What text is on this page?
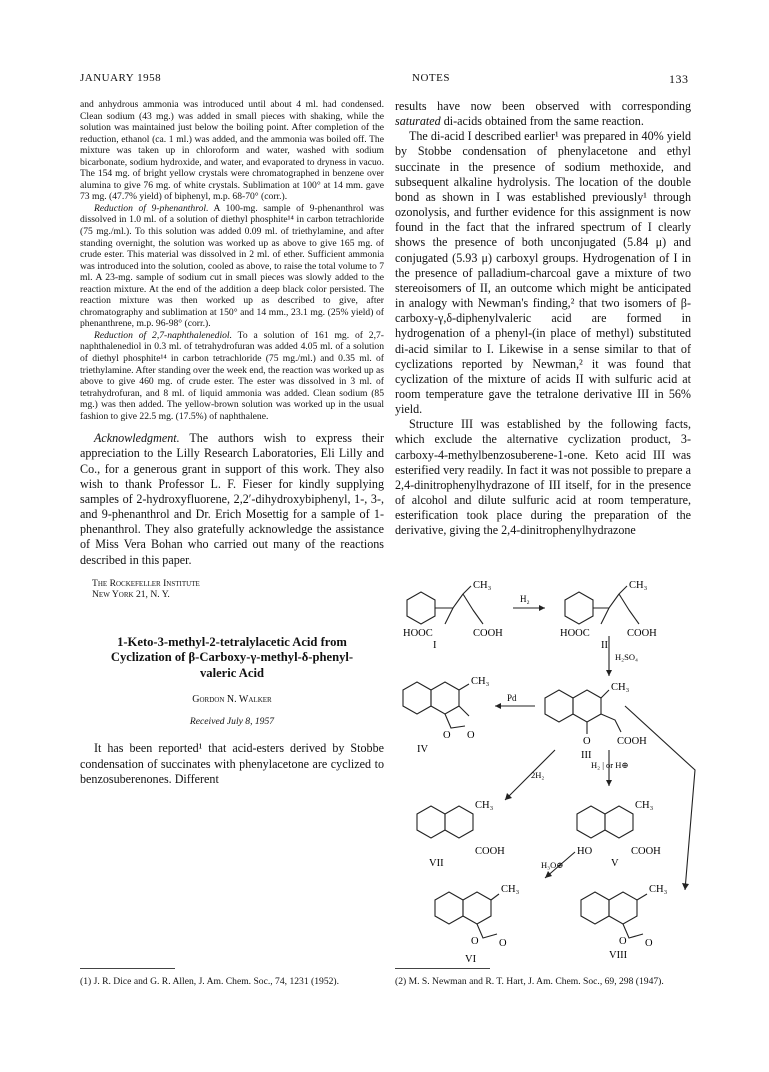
JANUARY 1958	NOTES	133

and anhydrous ammonia was introduced until about 4 ml. had condensed. Clean sodium (43 mg.) was added in small pieces with shaking, while the solution was maintained just below the boiling point. After completion of the reduction, ethanol (ca. 1 ml.) was added, and the ammonia was boiled off. The mixture was taken up in chloroform and water, washed with sodium bicarbonate, sodium hydroxide, and water, and evaporated to dryness in vacuo. The 154 mg. of bright yellow crystals were chromatographed in benzene over alumina to give 76 mg. of white crystals. Sublimation at 100° at 14 mm. gave 73 mg. (47.7% yield) of biphenyl, m.p. 68-70° (corr.).

Reduction of 9-phenanthrol. A 100-mg. sample of 9-phenanthrol was dissolved in 1.0 ml. of a solution of diethyl phosphite¹⁴ in carbon tetrachloride (75 mg./ml.). To this solution was added 0.09 ml. of triethylamine, and after standing overnight, the solution was worked up as above to give 165 mg. of crude ester. This material was dissolved in 2 ml. of ether. Sufficient ammonia was introduced into the solution, cooled as above, to raise the total volume to 7 ml. A 23-mg. sample of sodium cut in small pieces was slowly added to the reaction mixture. At the end of the addition a deep black color persisted. The reaction mixture was then worked up as described to give, after chromatography and sublimation at 150° and 14 mm., 23.1 mg. (25% yield) of phenanthrene, m.p. 96-98° (corr.).

Reduction of 2,7-naphthalenediol. To a solution of 161 mg. of 2,7-naphthalenediol in 0.3 ml. of tetrahydrofuran was added 4.05 ml. of a solution of diethyl phosphite¹⁴ in carbon tetrachloride (75 mg./ml.) and 0.35 ml. of triethylamine. After standing over the week end, the reaction was worked up as above to give 460 mg. of crude ester. The ester was dissolved in 3 ml. of tetrahydrofuran, and 8 ml. of liquid ammonia was added. Clean sodium (85 mg.) was then added. The yellow-brown solution was worked up in the usual fashion to give 22.5 mg. (17.5%) of naphthalene.

Acknowledgment. The authors wish to express their appreciation to the Lilly Research Laboratories, Eli Lilly and Co., for a generous grant in support of this work. They also wish to thank Professor L. F. Fieser for kindly supplying samples of 2-hydroxyfluorene, 2,2′-dihydroxybiphenyl, 1-, 3-, and 9-phenanthrol and Dr. Erich Mosettig for a sample of 1-phenanthrol. They also gratefully acknowledge the assistance of Miss Vera Bohan who carried out many of the reactions described in this paper.

The Rockefeller Institute
New York 21, N. Y.

1-Keto-3-methyl-2-tetralylacetic Acid from

Cyclization of β-Carboxy-γ-methyl-δ-phenyl-

valeric Acid

Gordon N. Walker
Received July 8, 1957

It has been reported¹ that acid-esters derived by Stobbe condensation of succinates with phenylacetone are cyclized to benzosuberenones. Different

(1) J. R. Dice and G. R. Allen, J. Am. Chem. Soc., 74, 1231 (1952).

results have now been observed with corresponding saturated di-acids obtained from the same reaction.

The di-acid I described earlier¹ was prepared in 40% yield by Stobbe condensation of phenylacetone and ethyl succinate in the presence of sodium methoxide, and subsequent alkaline hydrolysis. The location of the double bond as shown in I was established previously¹ through ozonolysis, and further evidence for this assignment is now found in the fact that the infrared spectrum of I clearly shows the presence of both unconjugated (5.84 μ) and conjugated (5.93 μ) carboxyl groups. Hydrogenation of I in the presence of palladium-charcoal gave a mixture of two stereoisomers of II, an outcome which might be anticipated in analogy with Newman's finding,² that two isomers of β-carboxy-γ,δ-diphenylvaleric acid are formed in hydrogenation of a phenyl-(in place of methyl) substituted di-acid similar to I. Likewise in a sense similar to that of cyclizations reported by Newman,² it was found that cyclization of the mixture of acids II with sulfuric acid at room temperature gave the tetralone derivative III in 56% yield.

Structure III was established by the following facts, which exclude the alternative cyclization product, 3-carboxy-4-methylbenzosuberene-1-one. Keto acid III was esterified very readily. In fact it was not possible to prepare a 2,4-dinitrophenylhydrazone of III itself, for in the presence of alcohol and dilute sulfuric acid at room temperature, esterification took place during the preparation of the derivative, giving the 2,4-dinitrophenylhydrazone

CH₃
HOOC	COOH
I
H₂
CH₃
HOOC	COOH
II
H₂SO₄
CH₃
O	COOH
III
Pd
CH₃
O O
IV
2H₂
H₂ | or H⊕
CH₃
HO	COOH
V
CH₃
COOH
VII	H₃O⊕
CH₃
O O
VI
CH₃
O O
VIII
(2) M. S. Newman and R. T. Hart, J. Am. Chem. Soc., 69, 298 (1947).
